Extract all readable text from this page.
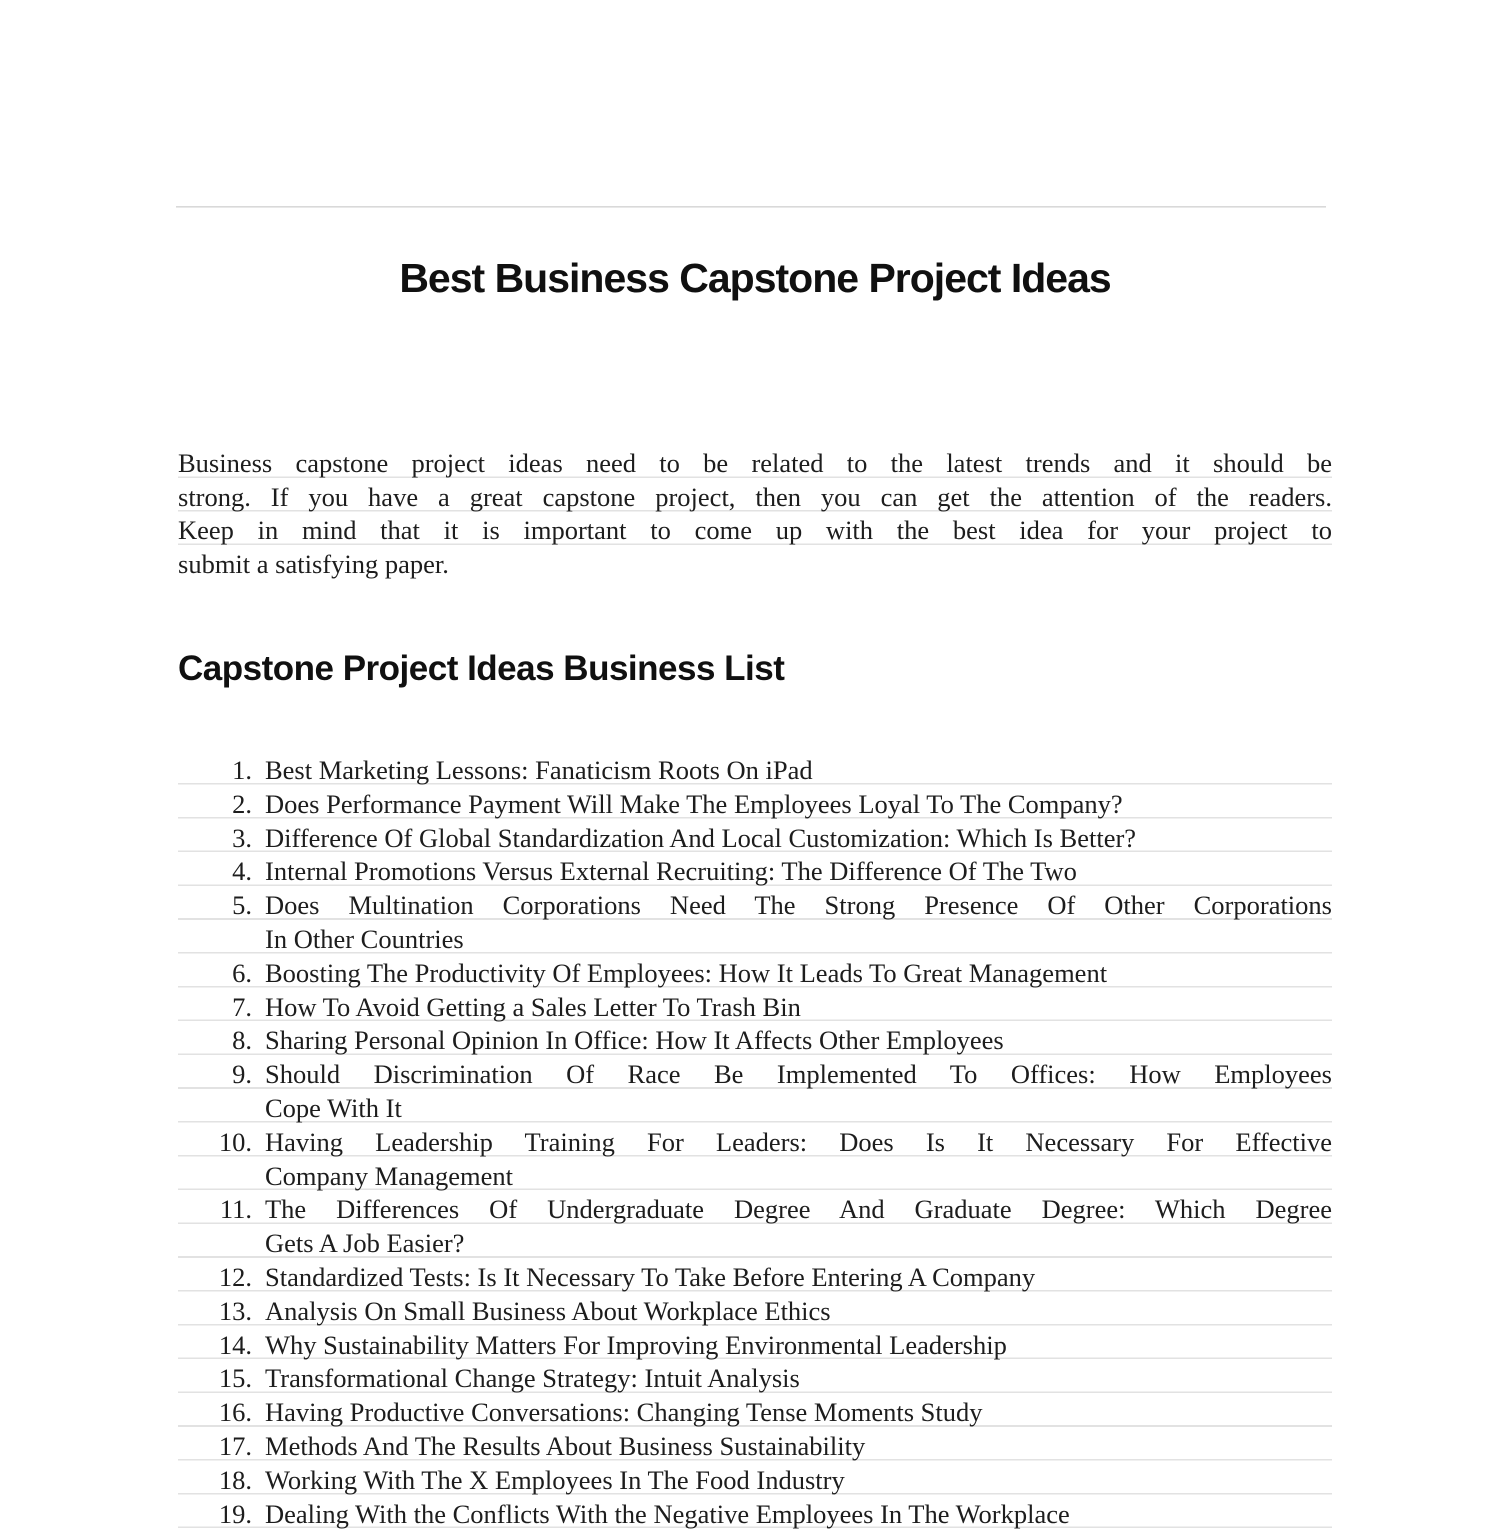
Best Business Capstone Project Ideas
Business capstone project ideas need to be related to the latest trends and it should be
strong. If you have a great capstone project, then you can get the attention of the readers.
Keep in mind that it is important to come up with the best idea for your project to
submit a satisfying paper.
Capstone Project Ideas Business List
1. Best Marketing Lessons: Fanaticism Roots On iPad
2. Does Performance Payment Will Make The Employees Loyal To The Company?
3. Difference Of Global Standardization And Local Customization: Which Is Better?
4. Internal Promotions Versus External Recruiting: The Difference Of The Two
5. Does Multination Corporations Need The Strong Presence Of Other Corporations
In Other Countries
6. Boosting The Productivity Of Employees: How It Leads To Great Management
7. How To Avoid Getting a Sales Letter To Trash Bin
8. Sharing Personal Opinion In Office: How It Affects Other Employees
9. Should Discrimination Of Race Be Implemented To Offices: How Employees
Cope With It
10. Having Leadership Training For Leaders: Does Is It Necessary For Effective
Company Management
11. The Differences Of Undergraduate Degree And Graduate Degree: Which Degree
Gets A Job Easier?
12. Standardized Tests: Is It Necessary To Take Before Entering A Company
13. Analysis On Small Business About Workplace Ethics
14. Why Sustainability Matters For Improving Environmental Leadership
15. Transformational Change Strategy: Intuit Analysis
16. Having Productive Conversations: Changing Tense Moments Study
17. Methods And The Results About Business Sustainability
18. Working With The X Employees In The Food Industry
19. Dealing With the Conflicts With the Negative Employees In The Workplace
